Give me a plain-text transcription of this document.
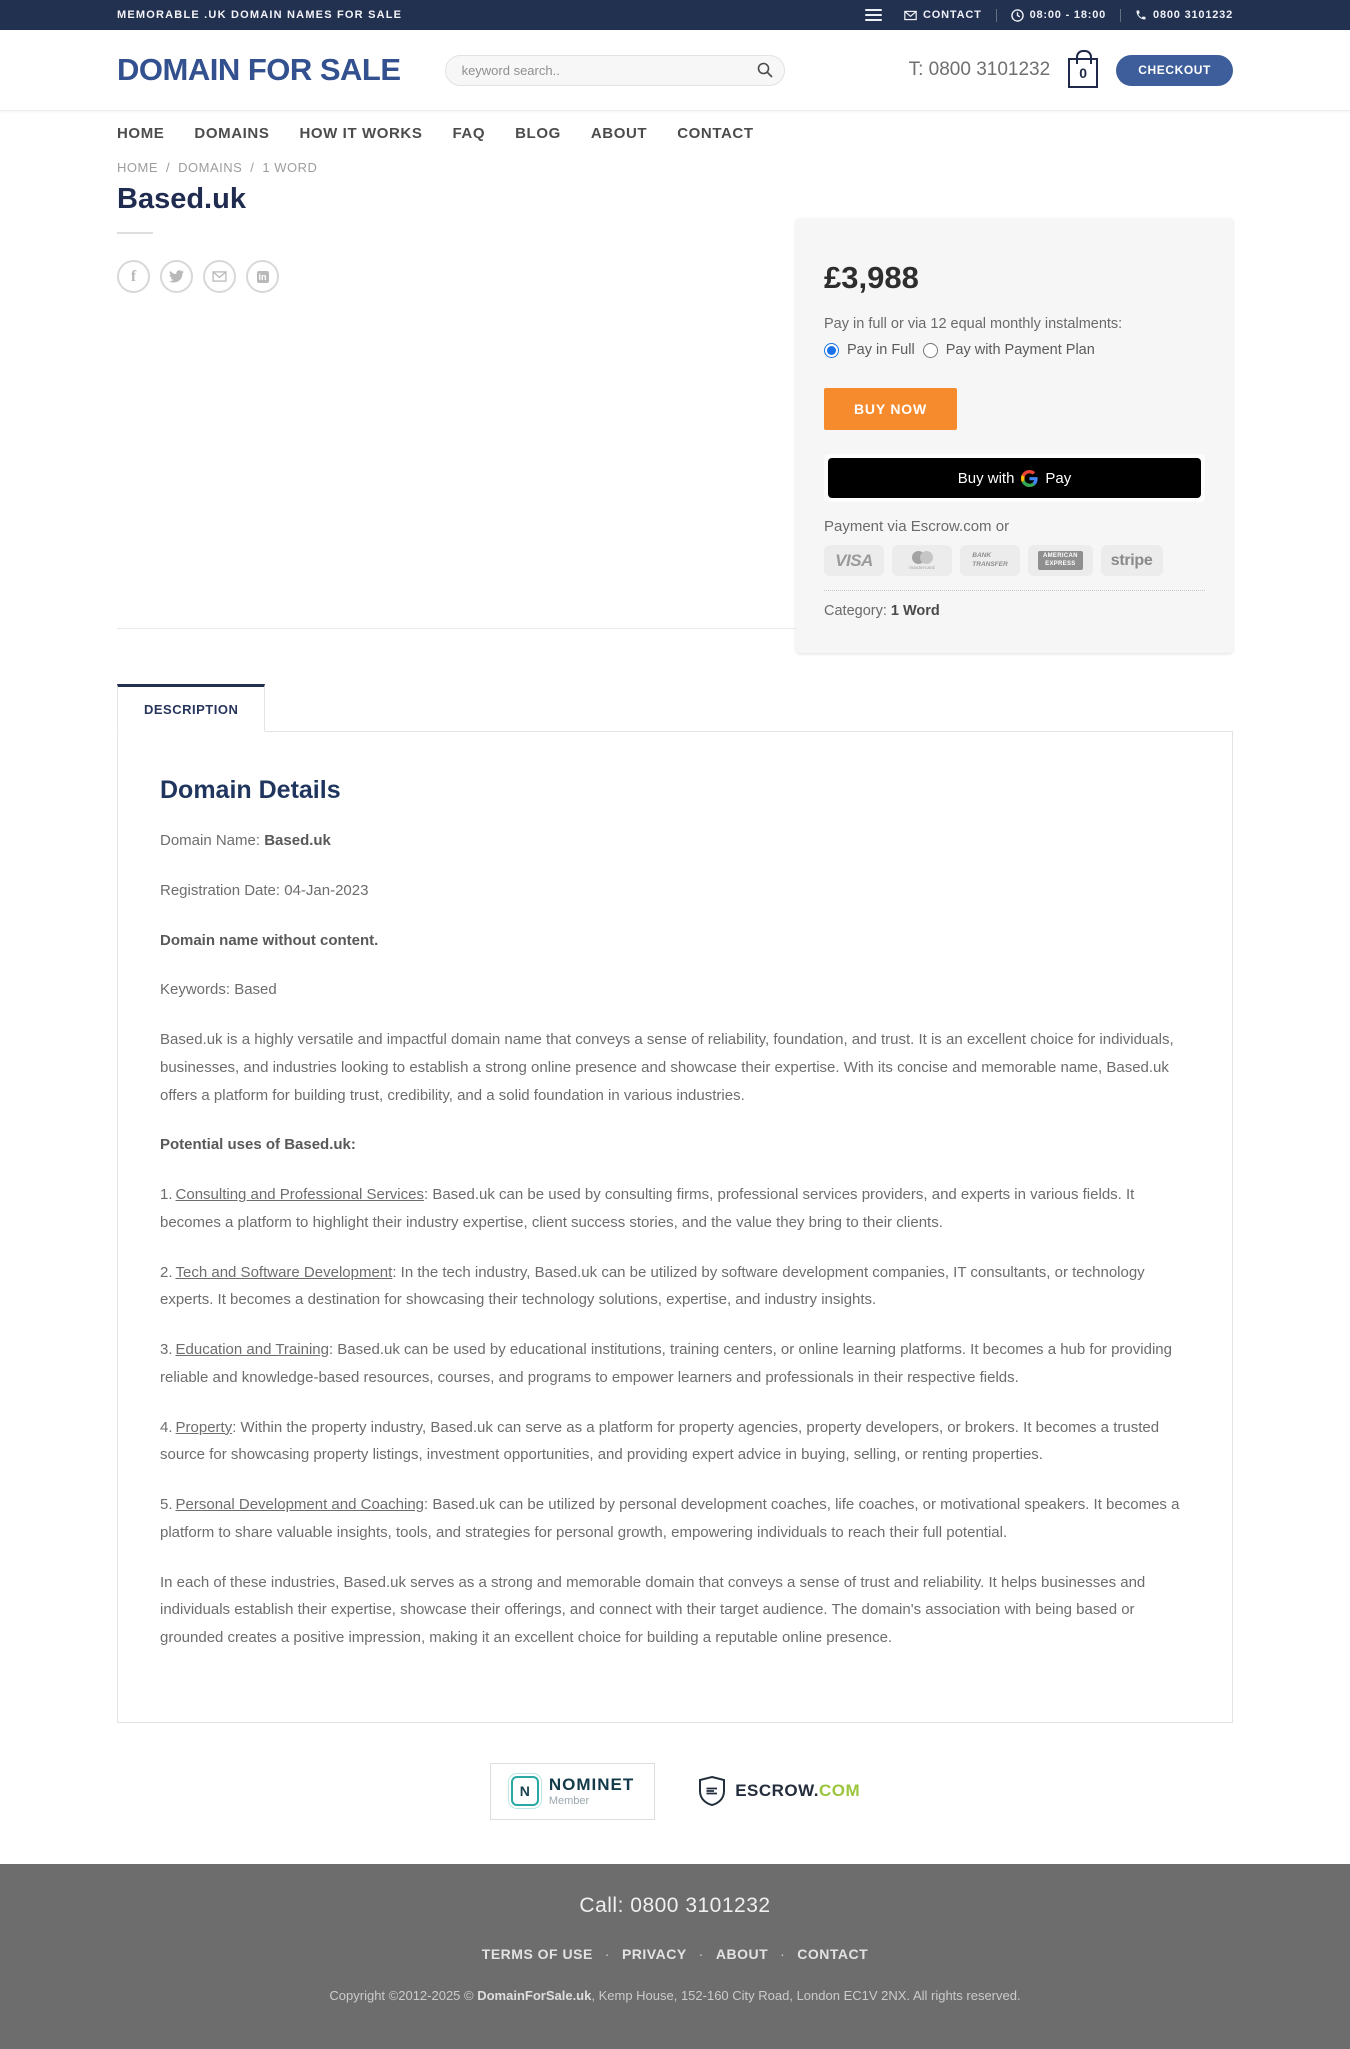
MEMORABLE .UK DOMAIN NAMES FOR SALE	CONTACT	08:00 - 18:00	0800 3101232
DOMAIN FOR SALE
keyword search..	T: 0800 3101232 0	CHECKOUT
HOME DOMAINS HOW IT WORKS FAQ BLOG ABOUT CONTACT
HOME / DOMAINS / 1 WORD
Based.uk
f	in	£3,988
Pay in full or via 12 equal monthly instalments:
Pay in Full Pay with Payment Plan
BUY NOW
Buy with Pay
Payment via Escrow.com or
VISA	mastercard
BANK
TRANSFER
AMERICAN
EXPRESS stripe
Category: 1 Word
DESCRIPTION
Domain Details

Domain Name: Based.uk

Registration Date: 04-Jan-2023

Domain name without content.

Keywords: Based

Based.uk is a highly versatile and impactful domain name that conveys a sense of reliability, foundation, and trust. It is an excellent choice for individuals, businesses, and industries looking to establish a strong online presence and showcase their expertise. With its concise and memorable name, Based.uk offers a platform for building trust, credibility, and a solid foundation in various industries.

Potential uses of Based.uk:

1. Consulting and Professional Services: Based.uk can be used by consulting firms, professional services providers, and experts in various fields. It becomes a platform to highlight their industry expertise, client success stories, and the value they bring to their clients.

2. Tech and Software Development: In the tech industry, Based.uk can be utilized by software development companies, IT consultants, or technology experts. It becomes a destination for showcasing their technology solutions, expertise, and industry insights.

3. Education and Training: Based.uk can be used by educational institutions, training centers, or online learning platforms. It becomes a hub for providing reliable and knowledge-based resources, courses, and programs to empower learners and professionals in their respective fields.

4. Property: Within the property industry, Based.uk can serve as a platform for property agencies, property developers, or brokers. It becomes a trusted source for showcasing property listings, investment opportunities, and providing expert advice in buying, selling, or renting properties.

5. Personal Development and Coaching: Based.uk can be utilized by personal development coaches, life coaches, or motivational speakers. It becomes a platform to share valuable insights, tools, and strategies for personal growth, empowering individuals to reach their full potential.

In each of these industries, Based.uk serves as a strong and memorable domain that conveys a sense of trust and reliability. It helps businesses and individuals establish their expertise, showcase their offerings, and connect with their target audience. The domain's association with being based or grounded creates a positive impression, making it an excellent choice for building a reputable online presence.

N	NOMINET
Member
ESCROW.COM
Call: 0800 3101232
TERMS OF USE · PRIVACY · ABOUT · CONTACT
Copyright ©2012-2025 © DomainForSale.uk, Kemp House, 152-160 City Road, London EC1V 2NX. All rights reserved.
